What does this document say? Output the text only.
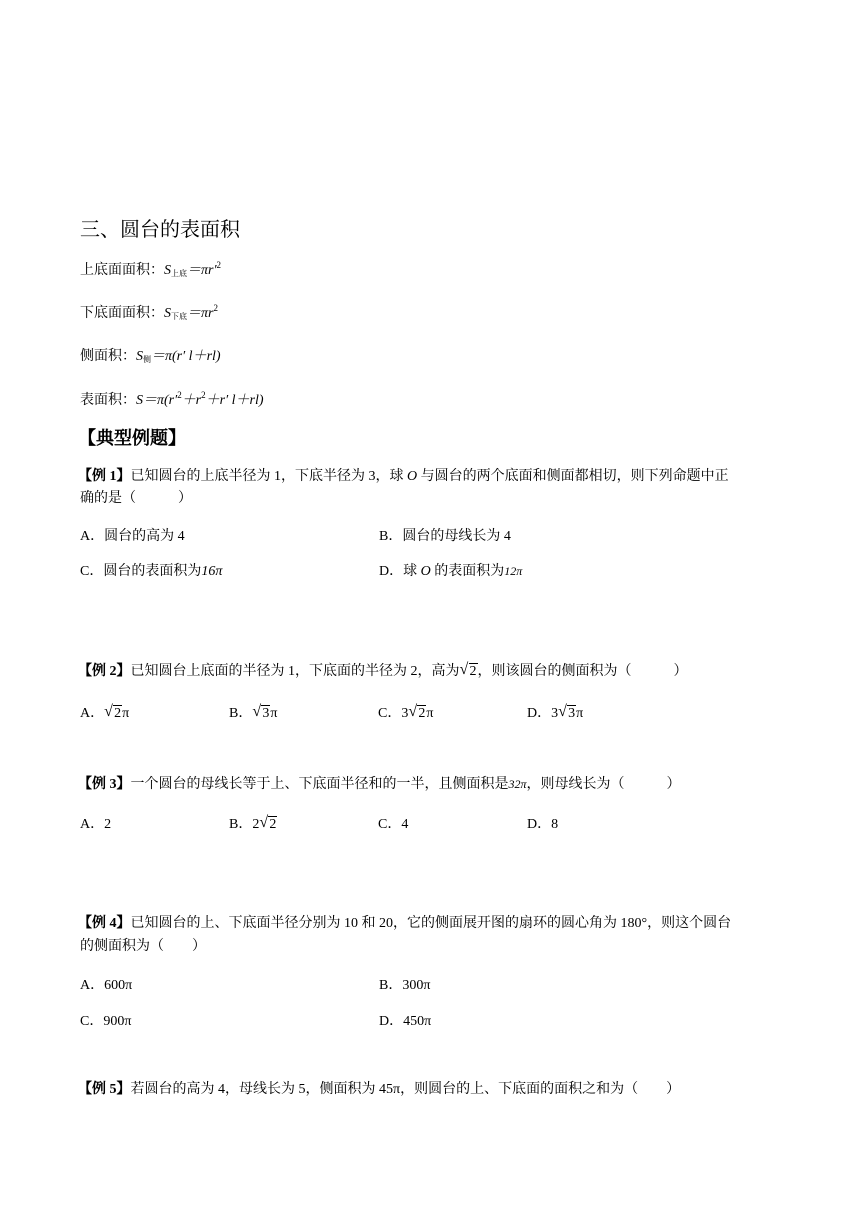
三、圆台的表面积
上底面面积：$S_{上底}=\pi r'^2$
下底面面积：$S_{下底}=\pi r^2$
侧面积：$S_侧=\pi(r'$ l＋rl)
表面积：$S=\pi(r'^2+r^2+r'$ l＋rl)
【典型例题】
【例 1】已知圆台的上底半径为 1，下底半径为 3，球 O 与圆台的两个底面和侧面都相切，则下列命题中正
确的是（　　　）
A．圆台的高为 4	B．圆台的母线长为 4
C．圆台的表面积为16π	D．球 O 的表面积为12π
【例 2】已知圆台上底面的半径为 1，下底面的半径为 2，高为 √ 2，则该圆台的侧面积为（　　　）
A． √ 2π	B． √ 3π	C．3 √ 2π	D．3 √ 3π
【例 3】一个圆台的母线长等于上、下底面半径和的一半，且侧面积是32π，则母线长为（　　　）
A．2	B．2 √ 2	C．4	D．8
【例 4】已知圆台的上、下底面半径分别为 10 和 20，它的侧面展开图的扇环的圆心角为 180°，则这个圆台
的侧面积为（　　）
A．600π	B．300π
C．900π	D．450π
【例 5】若圆台的高为 4，母线长为 5，侧面积为 45π，则圆台的上、下底面的面积之和为（　　）
